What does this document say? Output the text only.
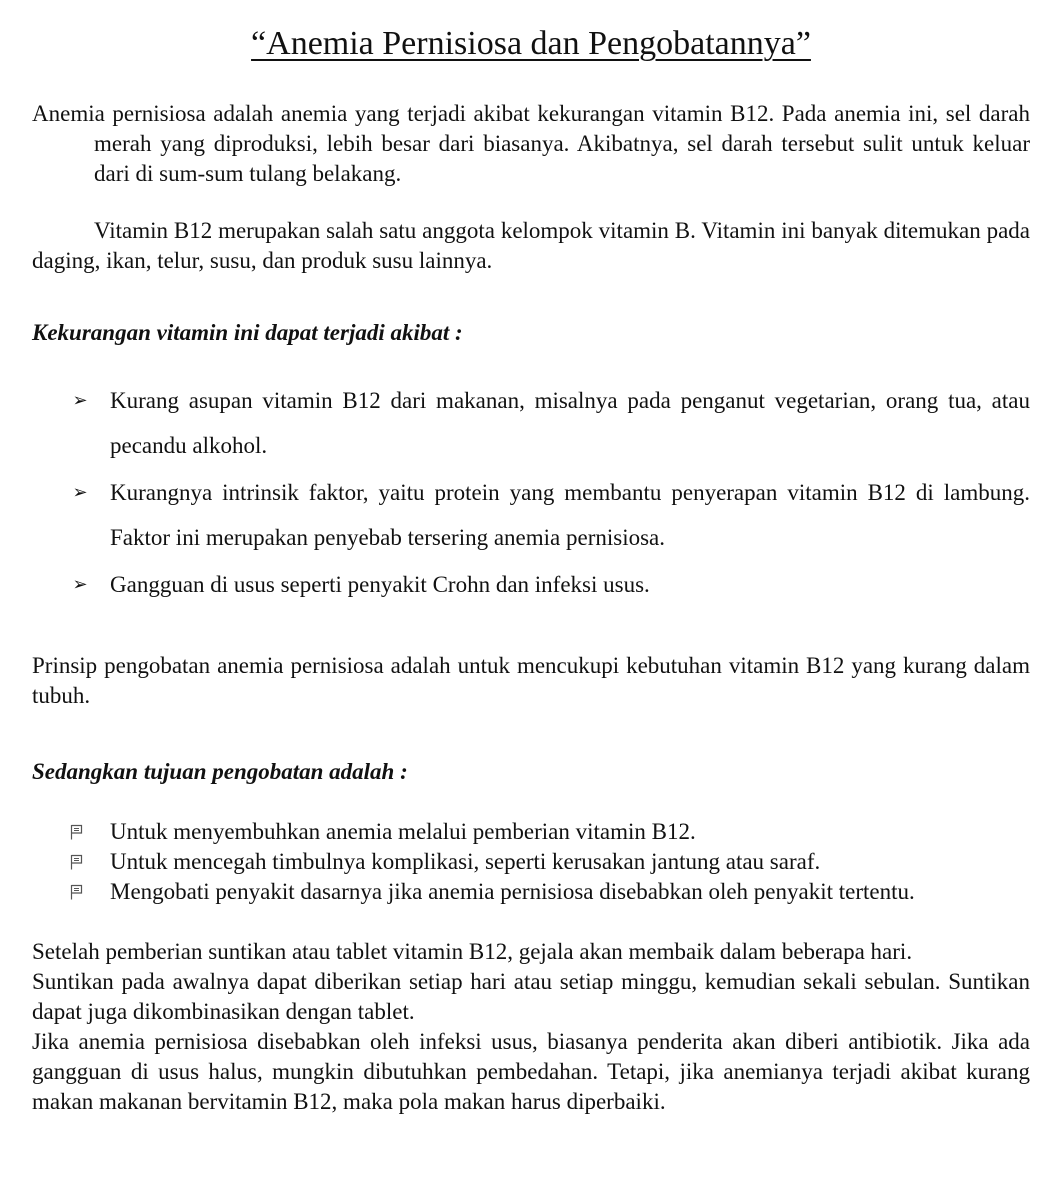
“Anemia Pernisiosa dan Pengobatannya”

Anemia pernisiosa adalah anemia yang terjadi akibat kekurangan vitamin B12. Pada anemia ini, sel darah merah yang diproduksi, lebih besar dari biasanya. Akibatnya, sel darah tersebut sulit untuk keluar dari di sum-sum tulang belakang.

Vitamin B12 merupakan salah satu anggota kelompok vitamin B. Vitamin ini banyak ditemukan pada daging, ikan, telur, susu, dan produk susu lainnya.

Kekurangan vitamin ini dapat terjadi akibat :

➢ Kurang asupan vitamin B12 dari makanan, misalnya pada penganut vegetarian, orang tua, atau pecandu alkohol.
➢ Kurangnya intrinsik faktor, yaitu protein yang membantu penyerapan vitamin B12 di lambung. Faktor ini merupakan penyebab tersering anemia pernisiosa.
➢ Gangguan di usus seperti penyakit Crohn dan infeksi usus.

Prinsip pengobatan anemia pernisiosa adalah untuk mencukupi kebutuhan vitamin B12 yang kurang dalam tubuh.

Sedangkan tujuan pengobatan adalah :

Untuk menyembuhkan anemia melalui pemberian vitamin B12.
Untuk mencegah timbulnya komplikasi, seperti kerusakan jantung atau saraf.
Mengobati penyakit dasarnya jika anemia pernisiosa disebabkan oleh penyakit tertentu.

Setelah pemberian suntikan atau tablet vitamin B12, gejala akan membaik dalam beberapa hari.

Suntikan pada awalnya dapat diberikan setiap hari atau setiap minggu, kemudian sekali sebulan. Suntikan dapat juga dikombinasikan dengan tablet.

Jika anemia pernisiosa disebabkan oleh infeksi usus, biasanya penderita akan diberi antibiotik. Jika ada gangguan di usus halus, mungkin dibutuhkan pembedahan. Tetapi, jika anemianya terjadi akibat kurang makan makanan bervitamin B12, maka pola makan harus diperbaiki.
